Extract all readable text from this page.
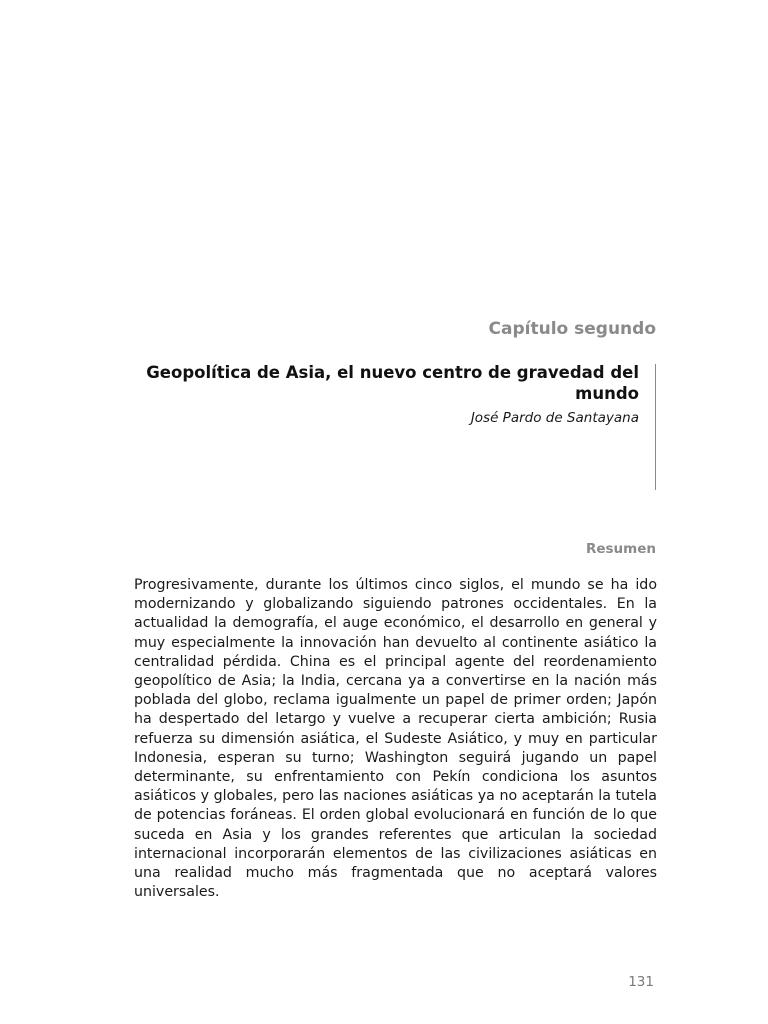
Capítulo segundo
Geopolítica de Asia, el nuevo centro de gravedad del mundo

José Pardo de Santayana

Resumen

Progresivamente, durante los últimos cinco siglos, el mundo se ha ido modernizando y globalizando siguiendo patrones occidentales. En la actualidad la demografía, el auge económico, el desarrollo en general y muy especialmente la innovación han devuelto al continente asiático la centralidad pérdida. China es el principal agente del reordenamiento geopolítico de Asia; la India, cercana ya a convertirse en la nación más poblada del globo, reclama igualmente un papel de primer orden; Japón ha despertado del letargo y vuelve a recuperar cierta ambición; Rusia refuerza su dimensión asiática, el Sudeste Asiático, y muy en particular Indonesia, esperan su turno; Washington seguirá jugando un papel determinante, su enfrentamiento con Pekín condiciona los asuntos asiáticos y globales, pero las naciones asiáticas ya no aceptarán la tutela de potencias foráneas. El orden global evolucionará en función de lo que suceda en Asia y los grandes referentes que articulan la sociedad internacional incorporarán elementos de las civilizaciones asiáticas en una realidad mucho más fragmentada que no aceptará valores universales.

131
